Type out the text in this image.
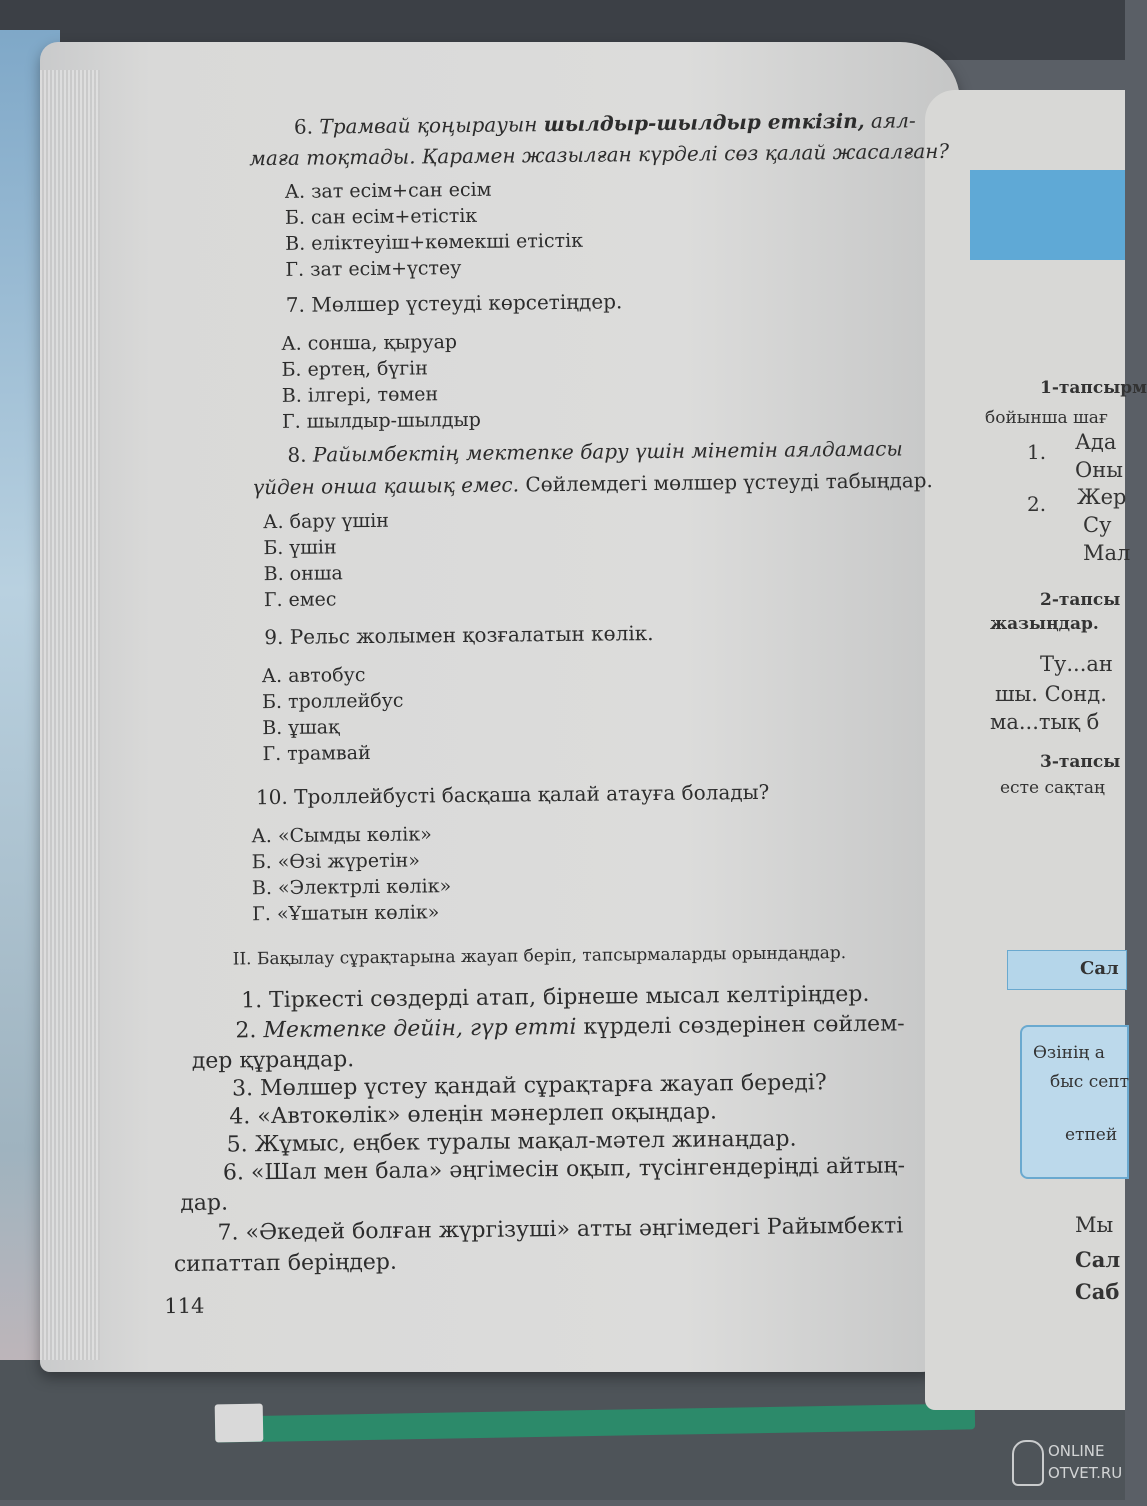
6. Трамвай қоңырауын шылдыр-шылдыр еткізіп, аял-
маға тоқтады. Қарамен жазылған күрделі сөз қалай жасалған?
А. зат есім+сан есім
Б. сан есім+етістік
В. еліктеуіш+көмекші етістік
Г. зат есім+үстеу
7. Мөлшер үстеуді көрсетіңдер.
А. сонша, қыруар
Б. ертең, бүгін
В. ілгері, төмен
Г. шылдыр-шылдыр
8. Райымбектің мектепке бару үшін мінетін аялдамасы
үйден онша қашық емес. Сөйлемдегі мөлшер үстеуді табыңдар.
А. бару үшін
Б. үшін
В. онша
Г. емес
9. Рельс жолымен қозғалатын көлік.
А. автобус
Б. троллейбус
В. ұшақ
Г. трамвай
10. Троллейбусті басқаша қалай атауға болады?
А. «Сымды көлік»
Б. «Өзі жүретін»
В. «Электрлі көлік»
Г. «Ұшатын көлік»
II. Бақылау сұрақтарына жауап беріп, тапсырмаларды орындаңдар.
1. Тіркесті сөздерді атап, бірнеше мысал келтіріңдер.
2. Мектепке дейін, гүр етті күрделі сөздерінен сөйлем-
дер құраңдар.
3. Мөлшер үстеу қандай сұрақтарға жауап береді?
4. «Автокөлік» өлеңін мәнерлеп оқыңдар.
5. Жұмыс, еңбек туралы мақал-мәтел жинаңдар.
6. «Шал мен бала» әңгімесін оқып, түсінгендеріңді айтың-
дар.
7. «Әкедей болған жүргізуші» атты әңгімедегі Райымбекті
сипаттап беріңдер.
114
1-тапсырм
бойынша шағ
1. Ада
Оны
2. Жер
Су
Мал
2-тапсы
жазыңдар.
Ту...ан
шы. Сонд.
ма...тық б
3-тапсы
есте сақтаң
Сал
Өзінің а
быс септ
етпей
Мы
Сал
Саб
ONLINE
OTVET.RU
